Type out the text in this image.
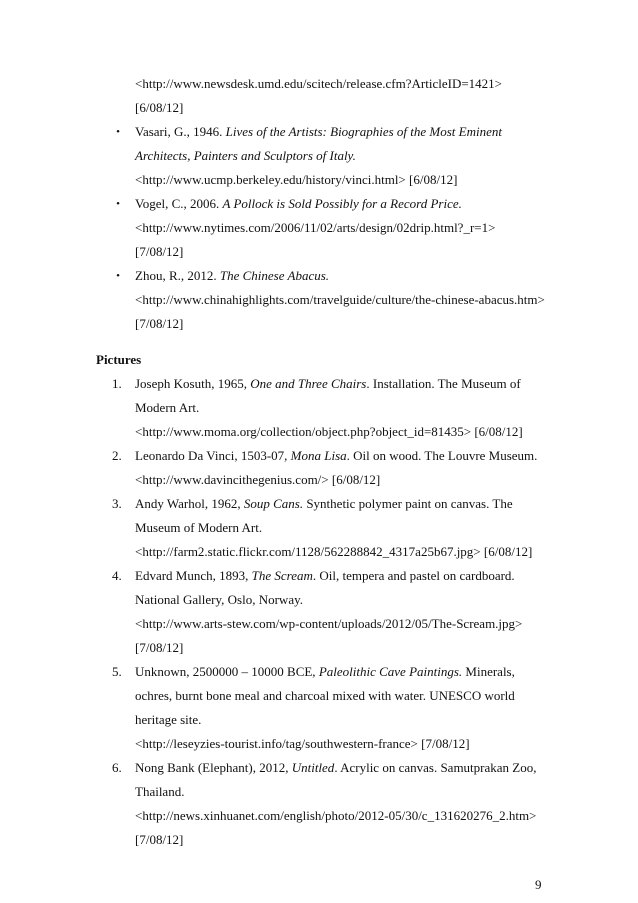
<http://www.newsdesk.umd.edu/scitech/release.cfm?ArticleID=1421>
[6/08/12]
• Vasari, G., 1946. Lives of the Artists: Biographies of the Most Eminent
Architects, Painters and Sculptors of Italy.
<http://www.ucmp.berkeley.edu/history/vinci.html> [6/08/12]
• Vogel, C., 2006. A Pollock is Sold Possibly for a Record Price.
<http://www.nytimes.com/2006/11/02/arts/design/02drip.html?_r=1>
[7/08/12]
• Zhou, R., 2012. The Chinese Abacus.
<http://www.chinahighlights.com/travelguide/culture/the-chinese-abacus.htm>
[7/08/12]
Pictures
1. Joseph Kosuth, 1965, One and Three Chairs. Installation. The Museum of
Modern Art.
<http://www.moma.org/collection/object.php?object_id=81435> [6/08/12]
2. Leonardo Da Vinci, 1503-07, Mona Lisa. Oil on wood. The Louvre Museum.
<http://www.davincithegenius.com/> [6/08/12]
3. Andy Warhol, 1962, Soup Cans. Synthetic polymer paint on canvas. The
Museum of Modern Art.
<http://farm2.static.flickr.com/1128/562288842_4317a25b67.jpg> [6/08/12]
4. Edvard Munch, 1893, The Scream. Oil, tempera and pastel on cardboard.
National Gallery, Oslo, Norway.
<http://www.arts-stew.com/wp-content/uploads/2012/05/The-Scream.jpg>
[7/08/12]
5. Unknown, 2500000 – 10000 BCE, Paleolithic Cave Paintings. Minerals,
ochres, burnt bone meal and charcoal mixed with water. UNESCO world
heritage site.
<http://leseyzies-tourist.info/tag/southwestern-france> [7/08/12]
6. Nong Bank (Elephant), 2012, Untitled. Acrylic on canvas. Samutprakan Zoo,
Thailand.
<http://news.xinhuanet.com/english/photo/2012-05/30/c_131620276_2.htm>
[7/08/12]
9
